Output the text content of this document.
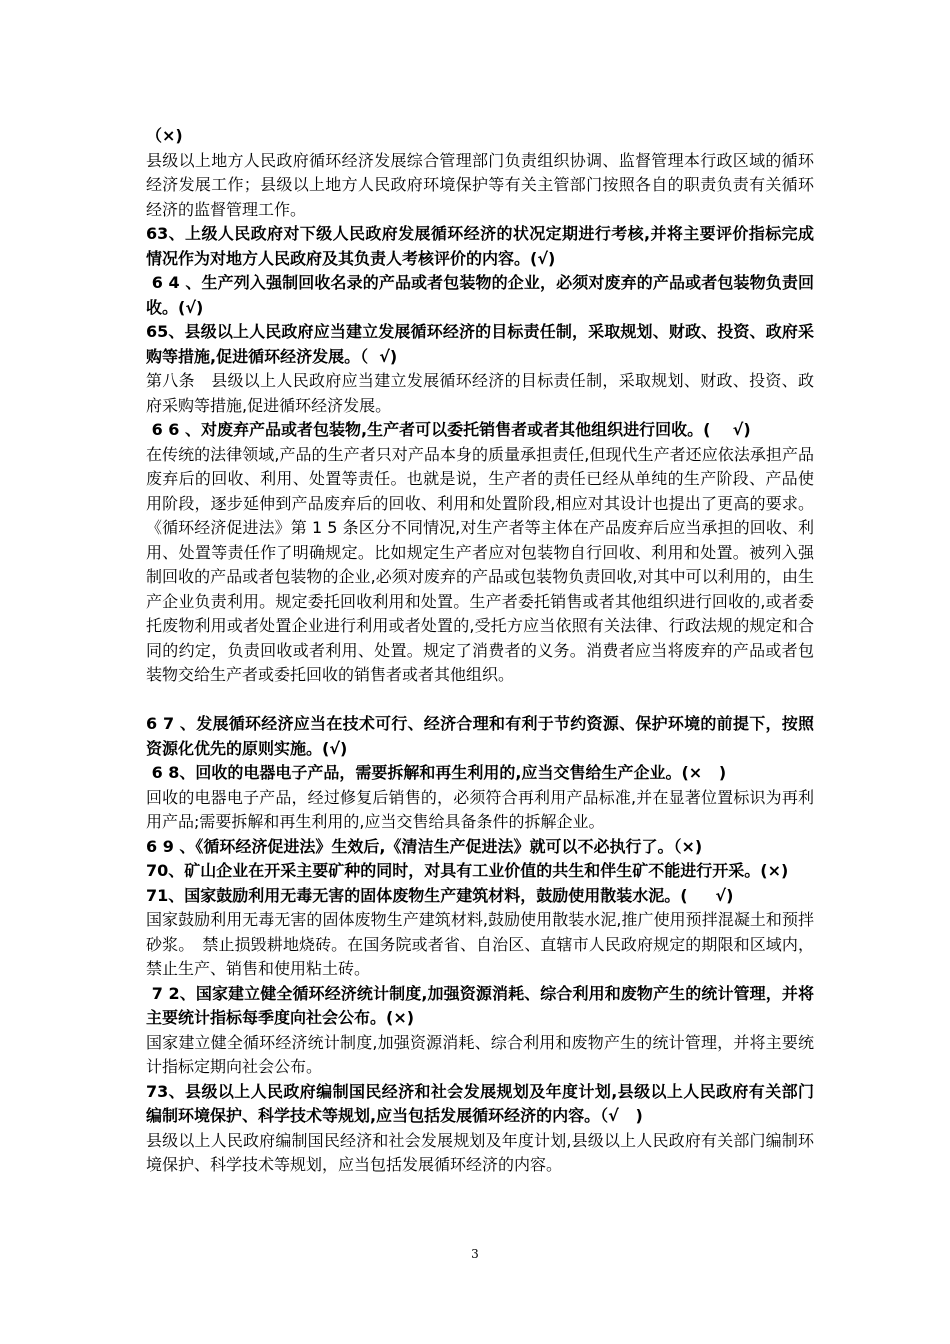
（×)

县级以上地方人民政府循环经济发展综合管理部门负责组织协调、监督管理本行政区域的循环经济发展工作；县级以上地方人民政府环境保护等有关主管部门按照各自的职责负责有关循环经济的监督管理工作。

63、上级人民政府对下级人民政府发展循环经济的状况定期进行考核,并将主要评价指标完成情况作为对地方人民政府及其负责人考核评价的内容。(√)

6 4 、生产列入强制回收名录的产品或者包装物的企业，必须对废弃的产品或者包装物负责回收。(√)

65、县级以上人民政府应当建立发展循环经济的目标责任制，采取规划、财政、投资、政府采购等措施,促进循环经济发展。（  √)

第八条　县级以上人民政府应当建立发展循环经济的目标责任制，采取规划、财政、投资、政府采购等措施,促进循环经济发展。

6 6 、对废弃产品或者包装物,生产者可以委托销售者或者其他组织进行回收。(    √)

在传统的法律领域,产品的生产者只对产品本身的质量承担责任,但现代生产者还应依法承担产品废弃后的回收、利用、处置等责任。也就是说，生产者的责任已经从单纯的生产阶段、产品使用阶段，逐步延伸到产品废弃后的回收、利用和处置阶段,相应对其设计也提出了更高的要求。《循环经济促进法》第 1 5 条区分不同情况,对生产者等主体在产品废弃后应当承担的回收、利用、处置等责任作了明确规定。比如规定生产者应对包装物自行回收、利用和处置。被列入强制回收的产品或者包装物的企业,必须对废弃的产品或包装物负责回收,对其中可以利用的，由生产企业负责利用。规定委托回收利用和处置。生产者委托销售或者其他组织进行回收的,或者委托废物利用或者处置企业进行利用或者处置的,受托方应当依照有关法律、行政法规的规定和合同的约定，负责回收或者利用、处置。规定了消费者的义务。消费者应当将废弃的产品或者包装物交给生产者或委托回收的销售者或者其他组织。

6 7 、发展循环经济应当在技术可行、经济合理和有利于节约资源、保护环境的前提下，按照资源化优先的原则实施。(√)

6 8、回收的电器电子产品，需要拆解和再生利用的,应当交售给生产企业。(×   )

回收的电器电子产品，经过修复后销售的，必须符合再利用产品标准,并在显著位置标识为再利用产品;需要拆解和再生利用的,应当交售给具备条件的拆解企业。

6 9 、《循环经济促进法》生效后,《清洁生产促进法》就可以不必执行了。（×)

70、矿山企业在开采主要矿种的同时，对具有工业价值的共生和伴生矿不能进行开采。(×)

71、国家鼓励利用无毒无害的固体废物生产建筑材料，鼓励使用散装水泥。(     √)

国家鼓励利用无毒无害的固体废物生产建筑材料,鼓励使用散装水泥,推广使用预拌混凝土和预拌砂浆。　禁止损毁耕地烧砖。在国务院或者省、自治区、直辖市人民政府规定的期限和区域内，禁止生产、销售和使用粘土砖。

7 2、国家建立健全循环经济统计制度,加强资源消耗、综合利用和废物产生的统计管理，并将主要统计指标每季度向社会公布。(×)

国家建立健全循环经济统计制度,加强资源消耗、综合利用和废物产生的统计管理，并将主要统计指标定期向社会公布。

73、县级以上人民政府编制国民经济和社会发展规划及年度计划,县级以上人民政府有关部门编制环境保护、科学技术等规划,应当包括发展循环经济的内容。（√   )

县级以上人民政府编制国民经济和社会发展规划及年度计划,县级以上人民政府有关部门编制环境保护、科学技术等规划，应当包括发展循环经济的内容。

3
